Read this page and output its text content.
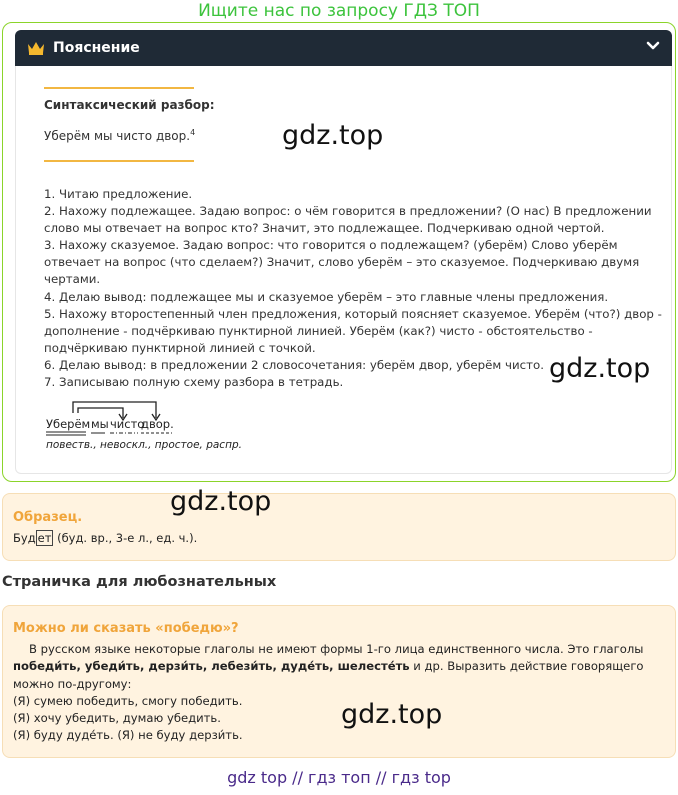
Ищите нас по запросу ГДЗ ТОП
Пояснение
Синтаксический разбор:
Уберём мы чисто двор.$^4$
1. Читаю предложение.
2. Нахожу подлежащее. Задаю вопрос: о чём говорится в предложении? (О нас) В предложении слово мы отвечает на вопрос кто? Значит, это подлежащее. Подчеркиваю одной чертой.
3. Нахожу сказуемое. Задаю вопрос: что говорится о подлежащем? (уберём) Слово уберём отвечает на вопрос (что сделаем?) Значит, слово уберём – это сказуемое. Подчеркиваю двумя чертами.
4. Делаю вывод: подлежащее мы и сказуемое уберём – это главные члены предложения.
5. Нахожу второстепенный член предложения, который поясняет сказуемое. Уберём (что?) двор - дополнение - подчёркиваю пунктирной линией. Уберём (как?) чисто - обстоятельство - подчёркиваю пунктирной линией с точкой.
6. Делаю вывод: в предложении 2 словосочетания: уберём двор, уберём чисто.
7. Записываю полную схему разбора в тетрадь.
Уберём мы чисто
двор.
повеств., невоскл., простое, распр.
Образец.
Буд ет (буд. вр., 3-е л., ед. ч.).
Страничка для любознательных
Можно ли сказать «победю»?

В русском языке некоторые глаголы не имеют формы 1-го лица единственного числа. Это глаголы победи́ть, убеди́ть, дерзи́ть, лебези́ть, дуде́ть, шелесте́ть и др. Выразить действие говорящего можно по-другому:

(Я) сумею победить, смогу победить.

(Я) хочу убедить, думаю убедить.

(Я) буду дуде́ть. (Я) не буду дерзи́ть.

gdz.top
gdz.top
gdz.top
gdz.top
gdz top // гдз топ // гдз top
